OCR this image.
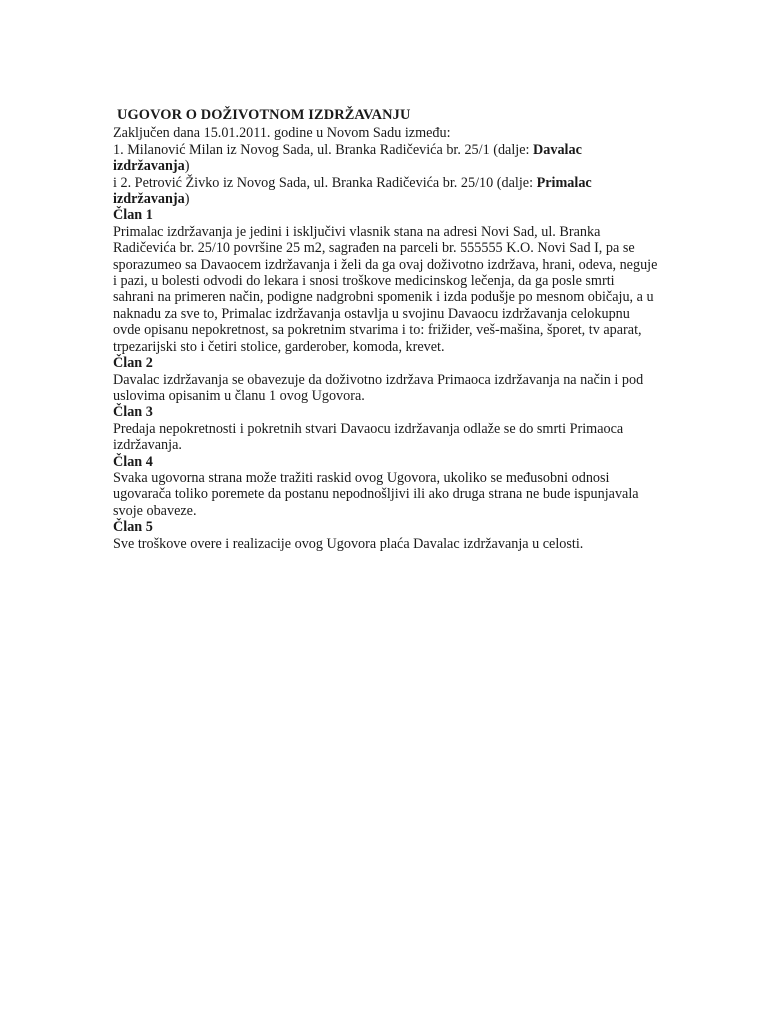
UGOVOR O DOŽIVOTNOM IZDRŽAVANJU

Zaključen dana 15.01.2011. godine u Novom Sadu između:

1. Milanović Milan iz Novog Sada, ul. Branka Radičevića br. 25/1 (dalje: Davalac izdržavanja)

i 2. Petrović Živko iz Novog Sada, ul. Branka Radičevića br. 25/10 (dalje: Primalac izdržavanja)

Član 1

Primalac izdržavanja je jedini i isključivi vlasnik stana na adresi Novi Sad, ul. Branka Radičevića br. 25/10 površine 25 m2, sagrađen na parceli br. 555555 K.O. Novi Sad I, pa se sporazumeo sa Davaocem izdržavanja i želi da ga ovaj doživotno izdržava, hrani, odeva, neguje i pazi, u bolesti odvodi do lekara i snosi troškove medicinskog lečenja, da ga posle smrti sahrani na primeren način, podigne nadgrobni spomenik i izda podušje po mesnom običaju, a u naknadu za sve to, Primalac izdržavanja ostavlja u svojinu Davaocu izdržavanja celokupnu ovde opisanu nepokretnost, sa pokretnim stvarima i to: frižider, veš-mašina, šporet, tv aparat, trpezarijski sto i četiri stolice, garderober, komoda, krevet.

Član 2

Davalac izdržavanja se obavezuje da doživotno izdržava Primaoca izdržavanja na način i pod uslovima opisanim u članu 1 ovog Ugovora.

Član 3

Predaja nepokretnosti i pokretnih stvari Davaocu izdržavanja odlaže se do smrti Primaoca izdržavanja.

Član 4

Svaka ugovorna strana može tražiti raskid ovog Ugovora, ukoliko se međusobni odnosi ugovarača toliko poremete da postanu nepodnošljivi ili ako druga strana ne bude ispunjavala svoje obaveze.

Član 5

Sve troškove overe i realizacije ovog Ugovora plaća Davalac izdržavanja u celosti.
